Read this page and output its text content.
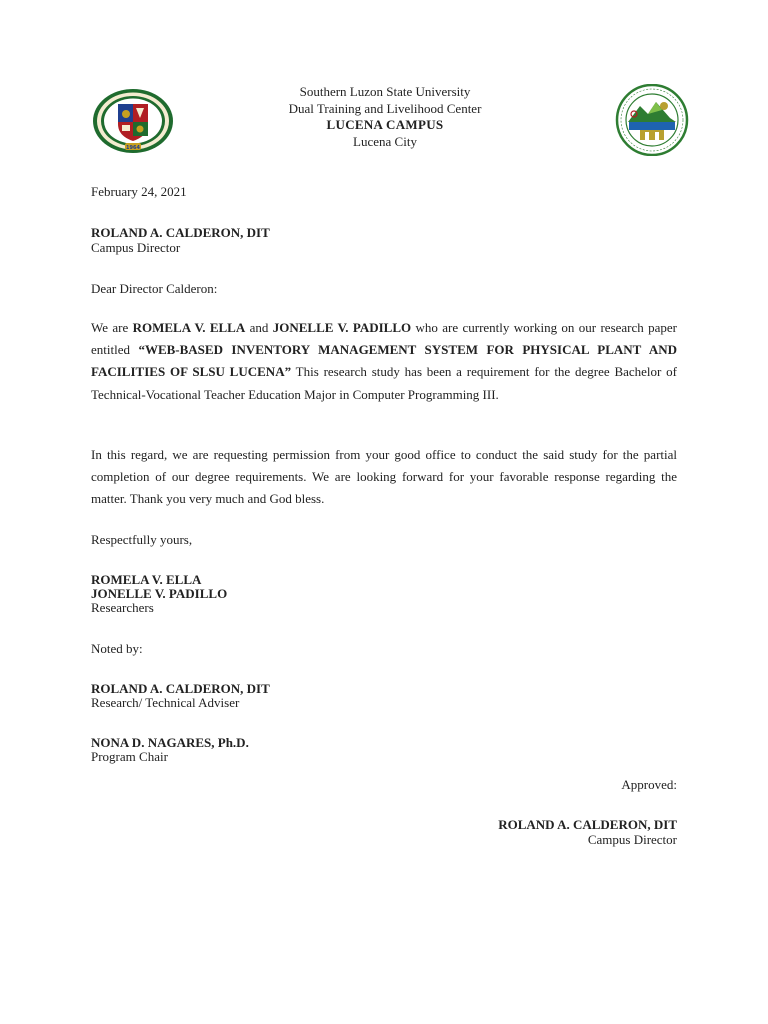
1964
Southern Luzon State University
Dual Training and Livelihood Center
LUCENA CAMPUS
Lucena City
February 24, 2021
ROLAND A. CALDERON, DIT
Campus Director
Dear Director Calderon:
We are ROMELA V. ELLA and JONELLE V. PADILLO who are currently working on our research paper entitled “WEB-BASED INVENTORY MANAGEMENT SYSTEM FOR PHYSICAL PLANT AND FACILITIES OF SLSU LUCENA” This research study has been a requirement for the degree Bachelor of Technical-Vocational Teacher Education Major in Computer Programming III.
In this regard, we are requesting permission from your good office to conduct the said study for the partial completion of our degree requirements. We are looking forward for your favorable response regarding the matter. Thank you very much and God bless.
Respectfully yours,
ROMELA V. ELLA
JONELLE V. PADILLO
Researchers
Noted by:
ROLAND A. CALDERON, DIT
Research/ Technical Adviser
NONA D. NAGARES, Ph.D.
Program Chair
Approved:
ROLAND A. CALDERON, DIT
Campus Director
